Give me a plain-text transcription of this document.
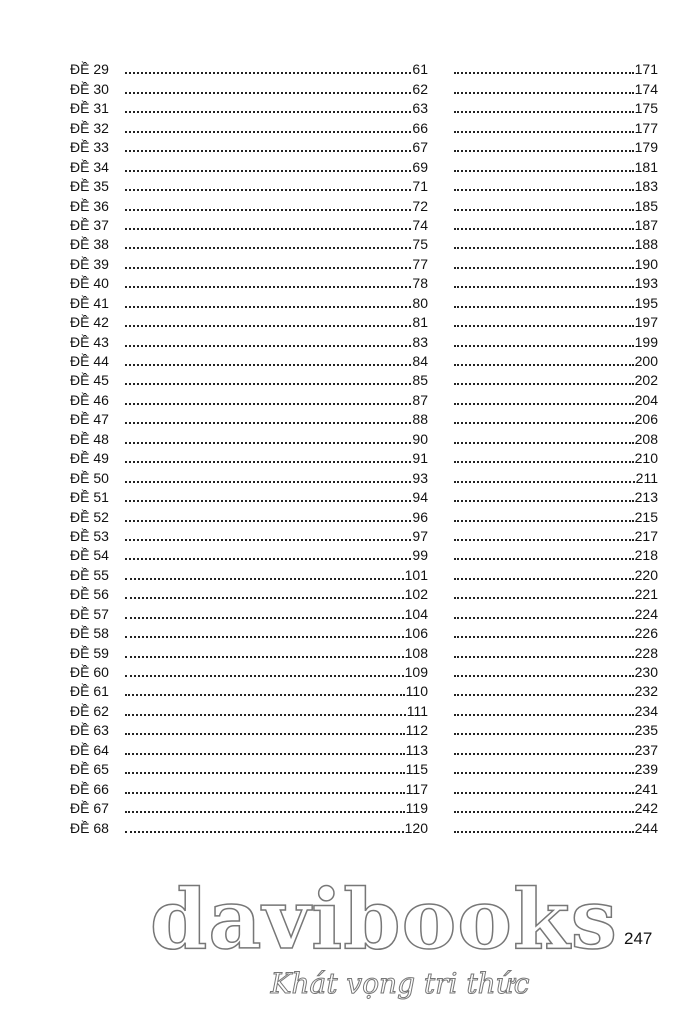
ĐỀ 29	61
ĐỀ 30	62
ĐỀ 31	63
ĐỀ 32	66
ĐỀ 33	67
ĐỀ 34	69
ĐỀ 35	71
ĐỀ 36	72
ĐỀ 37	74
ĐỀ 38	75
ĐỀ 39	77
ĐỀ 40	78
ĐỀ 41	80
ĐỀ 42	81
ĐỀ 43	83
ĐỀ 44	84
ĐỀ 45	85
ĐỀ 46	87
ĐỀ 47	88
ĐỀ 48	90
ĐỀ 49	91
ĐỀ 50	93
ĐỀ 51	94
ĐỀ 52	96
ĐỀ 53	97
ĐỀ 54	99
ĐỀ 55	101
ĐỀ 56	102
ĐỀ 57	104
ĐỀ 58	106
ĐỀ 59	108
ĐỀ 60	109
ĐỀ 61	110
ĐỀ 62	111
ĐỀ 63	112
ĐỀ 64	113
ĐỀ 65	115
ĐỀ 66	117
ĐỀ 67	119
ĐỀ 68	120
171
174
175
177
179
181
183
185
187
188
190
193
195
197
199
200
202
204
206
208
210
211
213
215
217
218
220
221
224
226
228
230
232
234
235
237
239
241
242
244
247
davibooks
Khát vọng tri thức
